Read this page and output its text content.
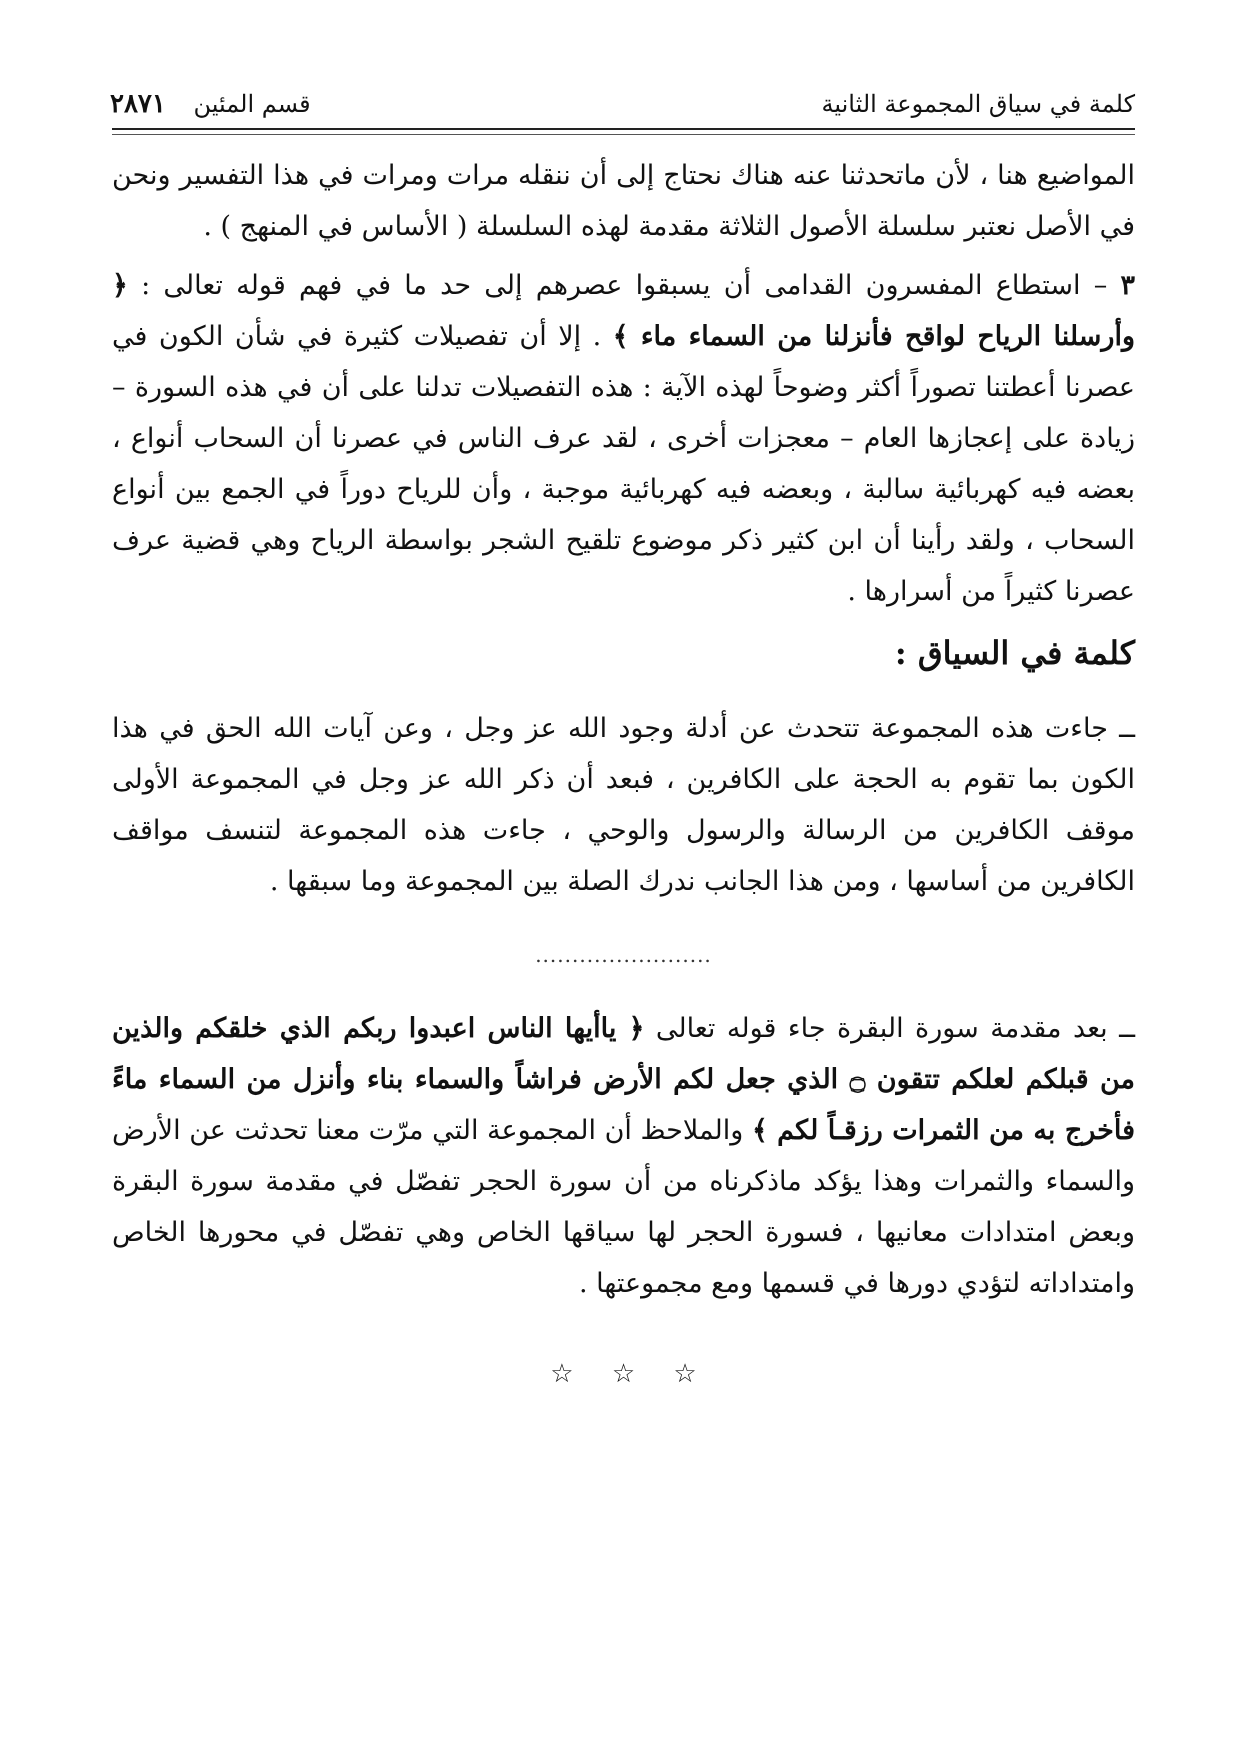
كلمة في سياق المجموعة الثانية
قسم المئين ٢٨٧١

المواضيع هنا ، لأن ماتحدثنا عنه هناك نحتاج إلى أن ننقله مرات ومرات في هذا التفسير ونحن في الأصل نعتبر سلسلة الأصول الثلاثة مقدمة لهذه السلسلة ( الأساس في المنهج ) .

٣ – استطاع المفسرون القدامى أن يسبقوا عصرهم إلى حد ما في فهم قوله تعالى : ﴿ وأرسلنا الرياح لواقح فأنزلنا من السماء ماء ﴾ . إلا أن تفصيلات كثيرة في شأن الكون في عصرنا أعطتنا تصوراً أكثر وضوحاً لهذه الآية : هذه التفصيلات تدلنا على أن في هذه السورة – زيادة على إعجازها العام – معجزات أخرى ، لقد عرف الناس في عصرنا أن السحاب أنواع ، بعضه فيه كهربائية سالبة ، وبعضه فيه كهربائية موجبة ، وأن للرياح دوراً في الجمع بين أنواع السحاب ، ولقد رأينا أن ابن كثير ذكر موضوع تلقيح الشجر بواسطة الرياح وهي قضية عرف عصرنا كثيراً من أسرارها .

كلمة في السياق :

ــ جاءت هذه المجموعة تتحدث عن أدلة وجود الله عز وجل ، وعن آيات الله الحق في هذا الكون بما تقوم به الحجة على الكافرين ، فبعد أن ذكر الله عز وجل في المجموعة الأولى موقف الكافرين من الرسالة والرسول والوحي ، جاءت هذه المجموعة لتنسف مواقف الكافرين من أساسها ، ومن هذا الجانب ندرك الصلة بين المجموعة وما سبقها .

........................

ــ بعد مقدمة سورة البقرة جاء قوله تعالى ﴿ ياأيها الناس اعبدوا ربكم الذي خلقكم والذين من قبلكم لعلكم تتقون ۝ الذي جعل لكم الأرض فراشاً والسماء بناء وأنزل من السماء ماءً فأخرج به من الثمرات رزقـاً لكم ﴾ والملاحظ أن المجموعة التي مرّت معنا تحدثت عن الأرض والسماء والثمرات وهذا يؤكد ماذكرناه من أن سورة الحجر تفصّل في مقدمة سورة البقرة وبعض امتدادات معانيها ، فسورة الحجر لها سياقها الخاص وهي تفصّل في محورها الخاص وامتداداته لتؤدي دورها في قسمها ومع مجموعتها .

☆ ☆ ☆
